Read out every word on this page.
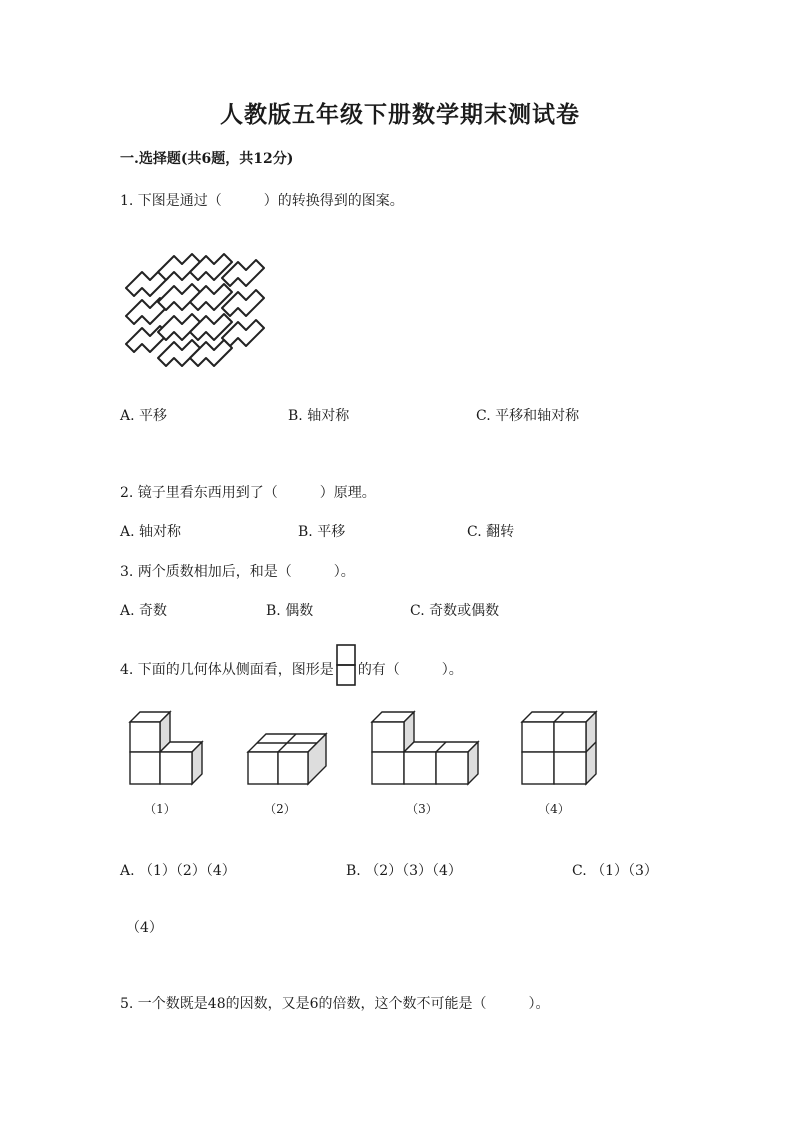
人教版五年级下册数学期末测试卷
一.选择题(共6题，共12分)
1. 下图是通过（　　　）的转换得到的图案。
A. 平移	B. 轴对称	C. 平移和轴对称
2. 镜子里看东西用到了（　　　）原理。
A. 轴对称	B. 平移	C. 翻转
3. 两个质数相加后，和是（　　　）。
A. 奇数	B. 偶数	C. 奇数或偶数
4. 下面的几何体从侧面看，图形是 的有（　　　）。
（1）	（2）	（3）	（4）
A. （1）（2）（4）	B. （2）（3）（4）	C. （1）（3）
（4）
5. 一个数既是48的因数，又是6的倍数，这个数不可能是（　　　）。
